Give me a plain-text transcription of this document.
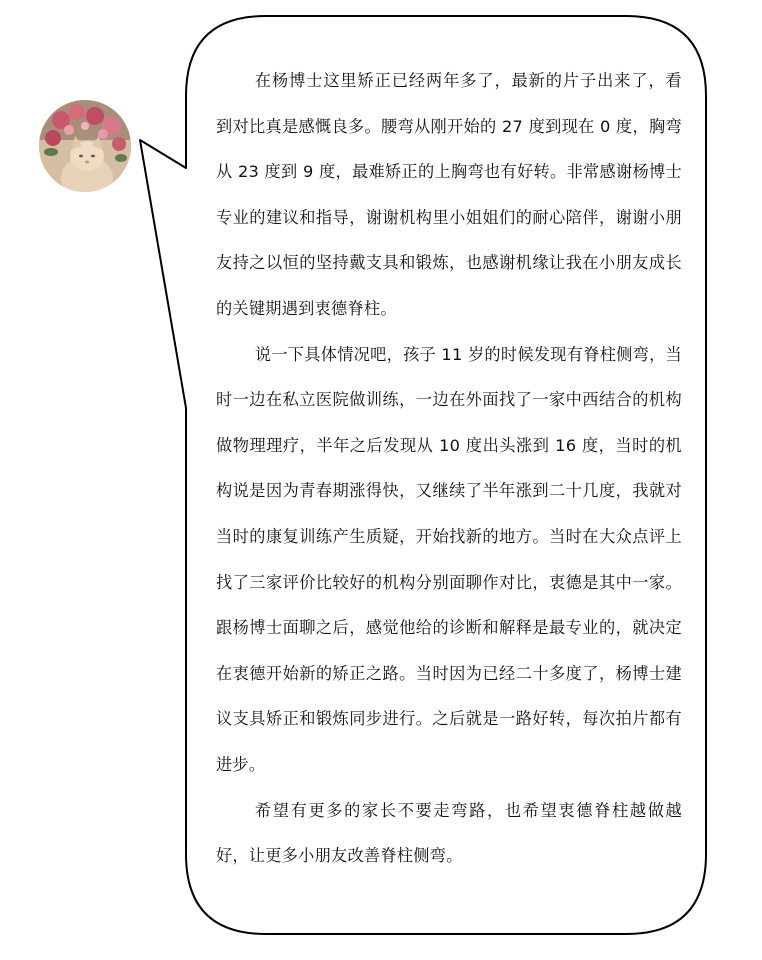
在杨博士这里矫正已经两年多了，最新的片子出来了，看到对比真是感慨良多。腰弯从刚开始的 27 度到现在 0 度，胸弯从 23 度到 9 度，最难矫正的上胸弯也有好转。非常感谢杨博士专业的建议和指导，谢谢机构里小姐姐们的耐心陪伴，谢谢小朋友持之以恒的坚持戴支具和锻炼，也感谢机缘让我在小朋友成长的关键期遇到衷德脊柱。

说一下具体情况吧，孩子 11 岁的时候发现有脊柱侧弯，当时一边在私立医院做训练，一边在外面找了一家中西结合的机构做物理理疗，半年之后发现从 10 度出头涨到 16 度，当时的机构说是因为青春期涨得快，又继续了半年涨到二十几度，我就对当时的康复训练产生质疑，开始找新的地方。当时在大众点评上找了三家评价比较好的机构分别面聊作对比，衷德是其中一家。跟杨博士面聊之后，感觉他给的诊断和解释是最专业的，就决定在衷德开始新的矫正之路。当时因为已经二十多度了，杨博士建议支具矫正和锻炼同步进行。之后就是一路好转，每次拍片都有进步。

希望有更多的家长不要走弯路，也希望衷德脊柱越做越好，让更多小朋友改善脊柱侧弯。
